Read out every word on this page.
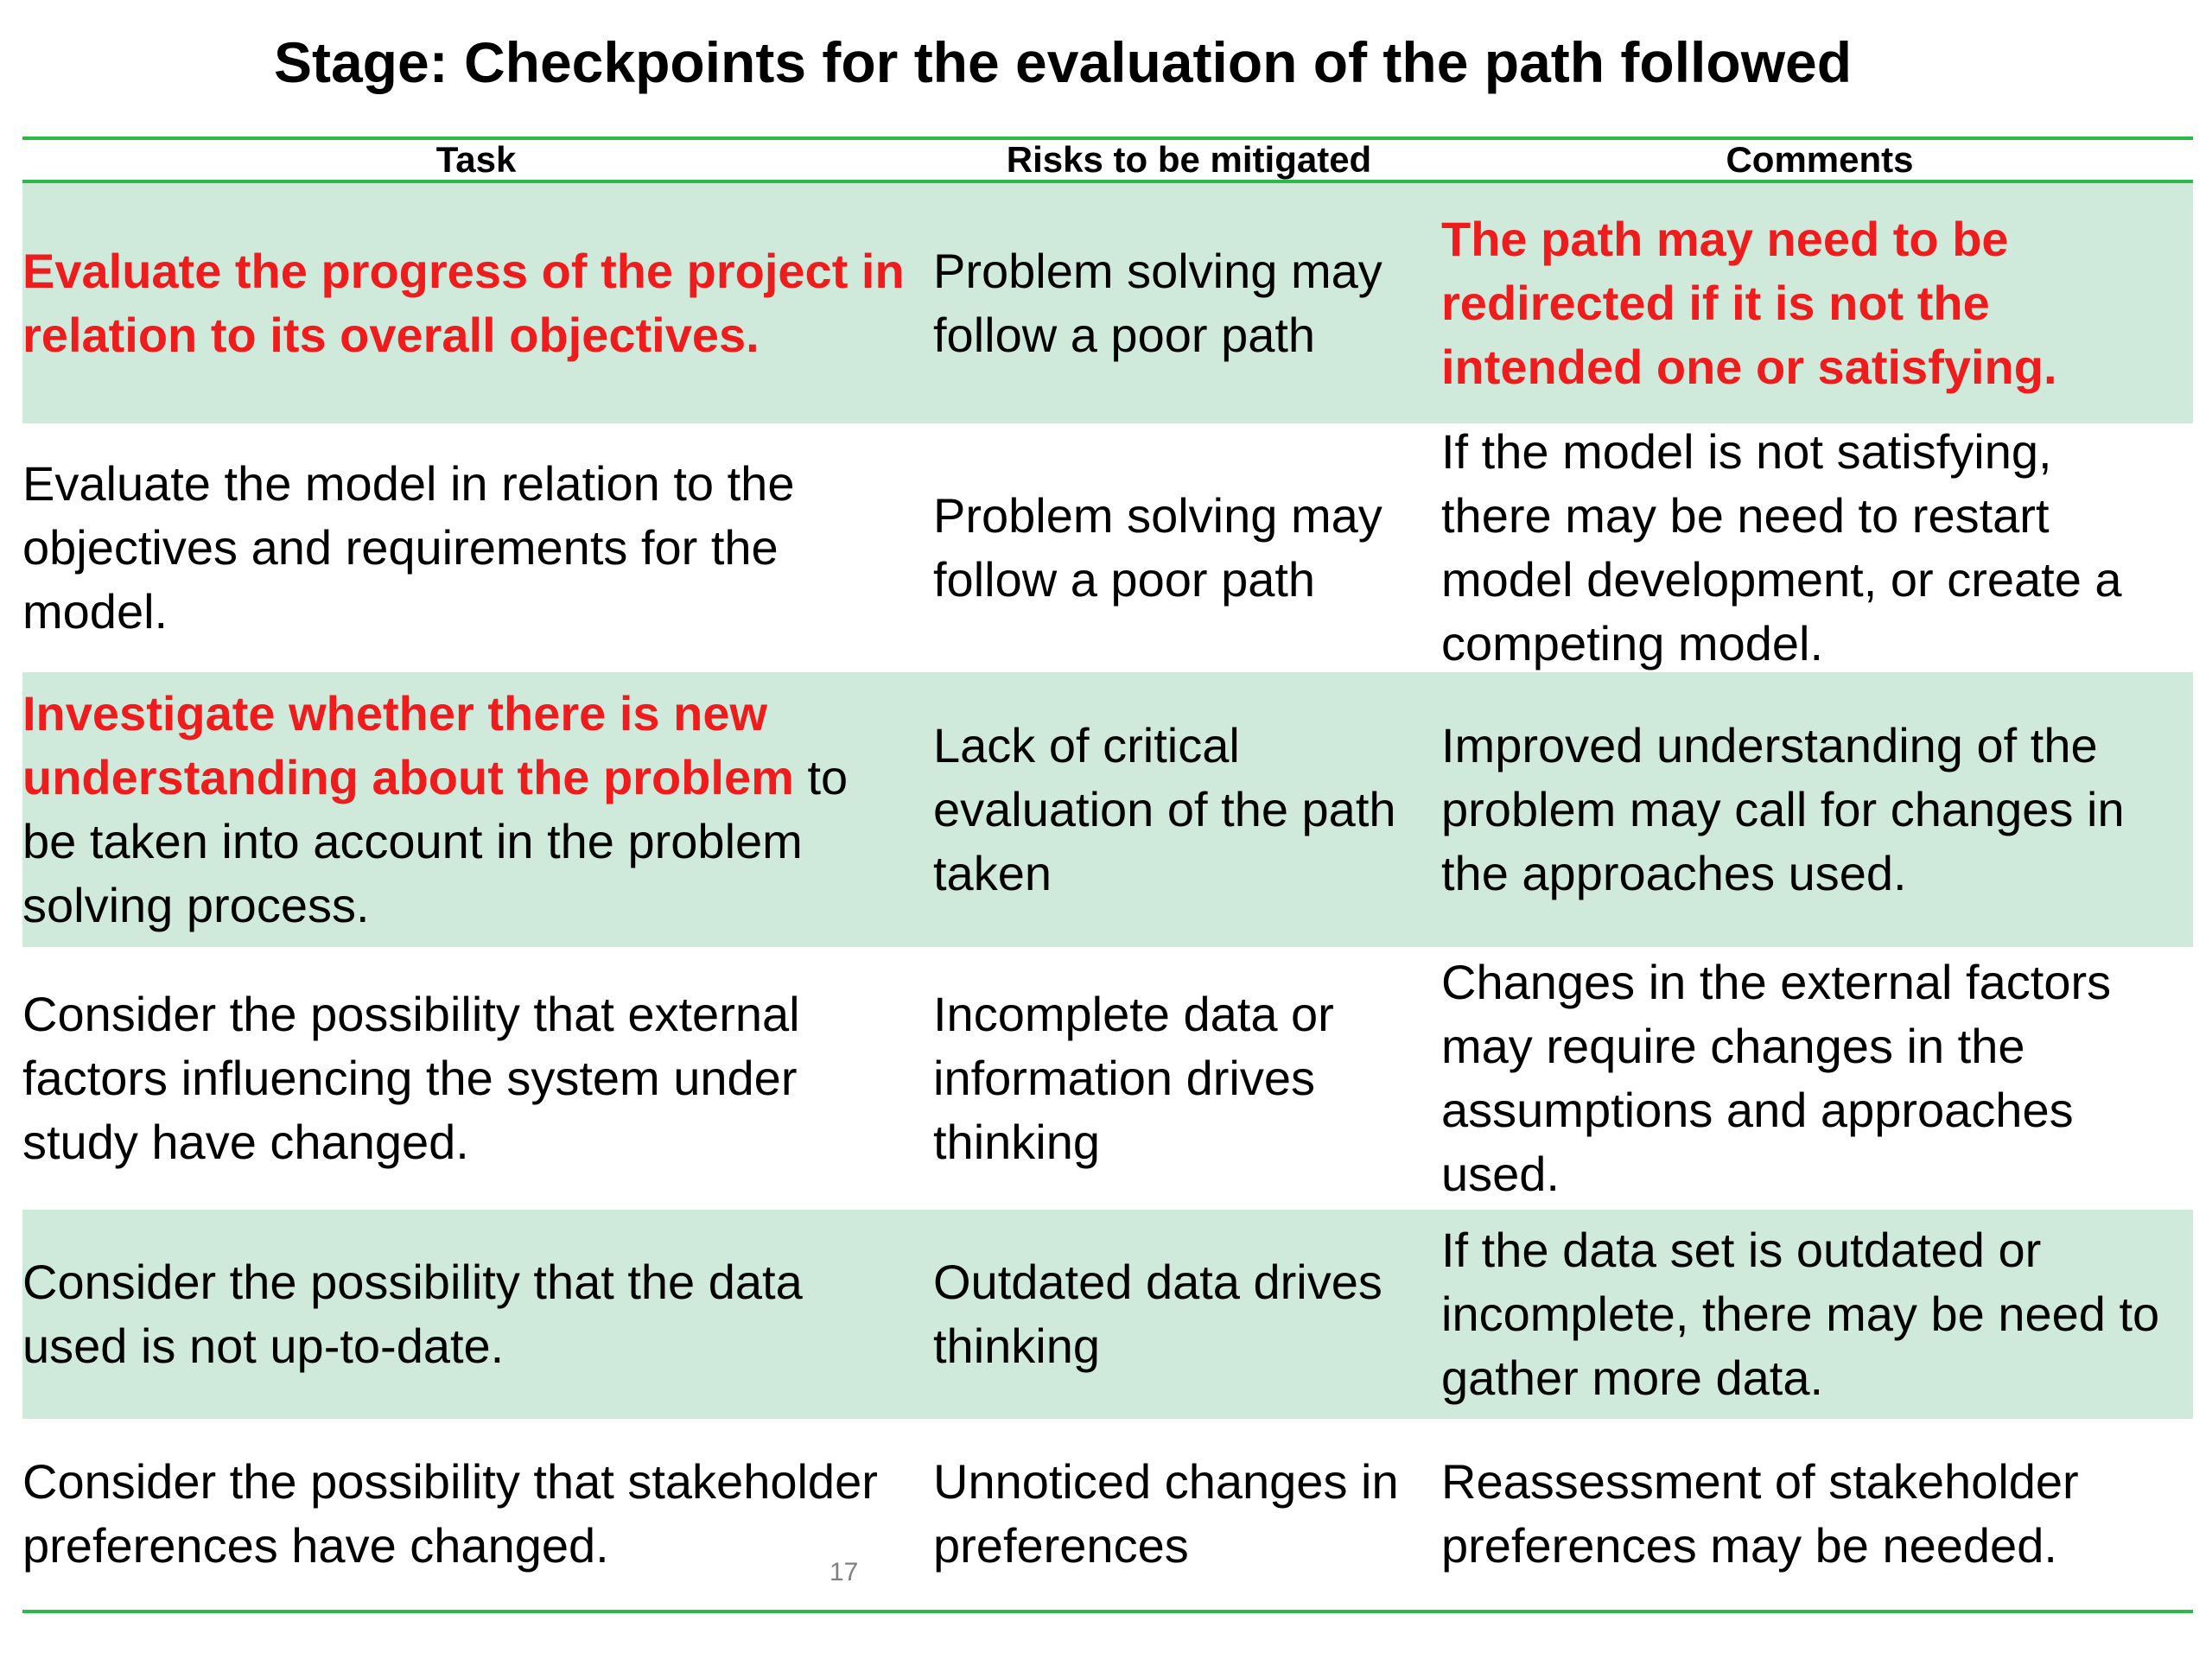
Stage: Checkpoints for the evaluation of the path followed
Task	Risks to be mitigated	Comments
Evaluate the progress of the project in
relation to its overall objectives.
Problem solving may
follow a poor path
The path may need to be
redirected if it is not the
intended one or satisfying.
Evaluate the model in relation to the
objectives and requirements for the
model.
Problem solving may
follow a poor path
If the model is not satisfying,
there may be need to restart
model development, or create a
competing model.
Investigate whether there is new
understanding about the problem to
be taken into account in the problem
solving process.
Lack of critical
evaluation of the path
taken
Improved understanding of the
problem may call for changes in
the approaches used.
Consider the possibility that external
factors influencing the system under
study have changed.
Incomplete data or
information drives
thinking
Changes in the external factors
may require changes in the
assumptions and approaches
used.
Consider the possibility that the data
used is not up-to-date.
Outdated data drives
thinking
If the data set is outdated or
incomplete, there may be need to
gather more data.
Consider the possibility that stakeholder
preferences have changed.
Unnoticed changes in
preferences
Reassessment of stakeholder
preferences may be needed.
17
